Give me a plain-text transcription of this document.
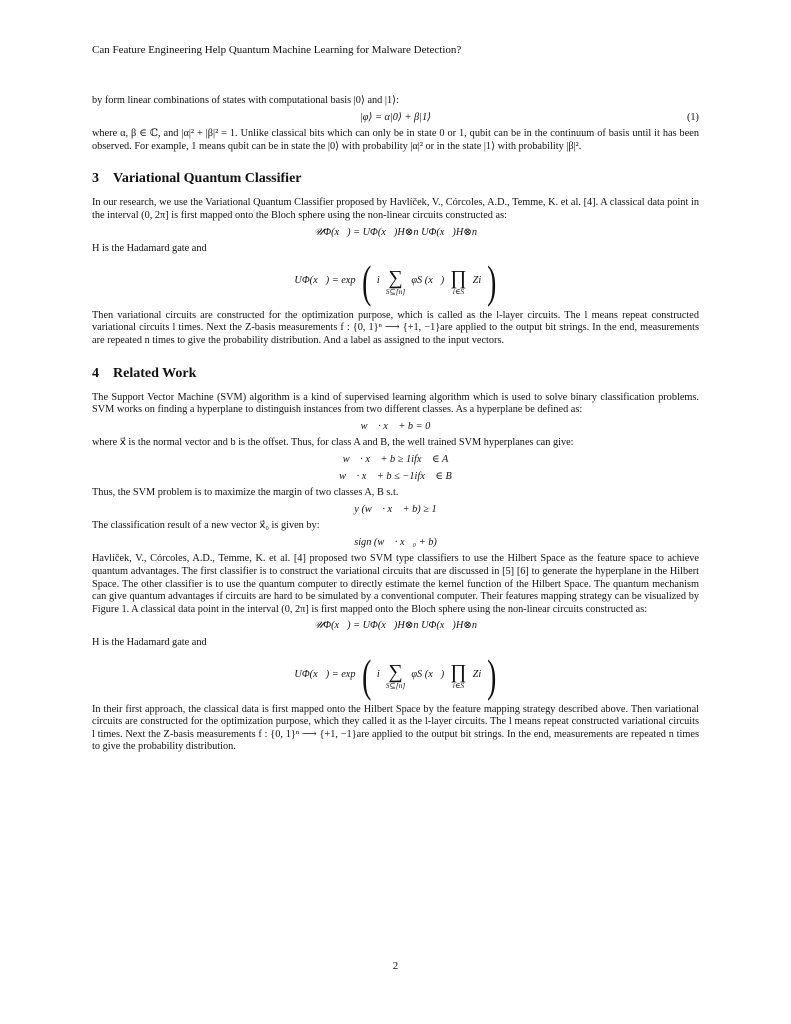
Can Feature Engineering Help Quantum Machine Learning for Malware Detection?

by form linear combinations of states with computational basis |0⟩ and |1⟩:

|φ⟩ = α|0⟩ + β|1⟩	(1)

where α, β ∈ ℂ, and |α|² + |β|² = 1. Unlike classical bits which can only be in state 0 or 1, qubit can be in the continuum of basis until it has been observed. For example, 1 means qubit can be in state the |0⟩ with probability |α|² or in the state |1⟩ with probability |β|².

3 Variational Quantum Classifier

In our research, we use the Variational Quantum Classifier proposed by Havlíček, V., Córcoles, A.D., Temme, K. et al. [4]. A classical data point in the interval (0, 2π] is first mapped onto the Bloch sphere using the non-linear circuits constructed as:

𝒰Φ(x⃗) = UΦ(x⃗)H⊗n UΦ(x⃗)H⊗n

H is the Hadamard gate and

UΦ(x⃗) = exp ( i ∑
S⊆[n]
φS (x⃗) ∏
i∈S
Zi )

Then variational circuits are constructed for the optimization purpose, which is called as the l-layer circuits. The l means repeat constructed variational circuits l times. Next the Z-basis measurements f : {0, 1}ⁿ ⟶ {+1, −1}are applied to the output bit strings. In the end, measurements are repeated n times to give the probability distribution. And a label as assigned to the input vectors.

4 Related Work

The Support Vector Machine (SVM) algorithm is a kind of supervised learning algorithm which is used to solve binary classification problems. SVM works on finding a hyperplane to distinguish instances from two different classes. As a hyperplane be defined as:

w⃗ · x⃗ + b = 0

where x⃗ is the normal vector and b is the offset. Thus, for class A and B, the well trained SVM hyperplanes can give:

w⃗ · x⃗ + b ≥ 1ifx⃗ ∈ A
w⃗ · x⃗ + b ≤ −1ifx⃗ ∈ B

Thus, the SVM problem is to maximize the margin of two classes A, B s.t.

y (w⃗ · x⃗ + b) ≥ 1

The classification result of a new vector x⃗₀ is given by:

sign (w⃗ · x⃗₀ + b)

Havlíček, V., Córcoles, A.D., Temme, K. et al. [4] proposed two SVM type classifiers to use the Hilbert Space as the feature space to achieve quantum advantages. The first classifier is to construct the variational circuits that are discussed in [5] [6] to generate the hyperplane in the Hilbert Space. The other classifier is to use the quantum computer to directly estimate the kernel function of the Hilbert Space. The quantum mechanism can give quantum advantages if circuits are hard to be simulated by a conventional computer. Their features mapping strategy can be visualized by Figure 1. A classical data point in the interval (0, 2π] is first mapped onto the Bloch sphere using the non-linear circuits constructed as:

𝒰Φ(x⃗) = UΦ(x⃗)H⊗n UΦ(x⃗)H⊗n

H is the Hadamard gate and

UΦ(x⃗) = exp ( i ∑
S⊆[n]
φS (x⃗) ∏
i∈S
Zi )

In their first approach, the classical data is first mapped onto the Hilbert Space by the feature mapping strategy described above. Then variational circuits are constructed for the optimization purpose, which they called it as the l-layer circuits. The l means repeat constructed variational circuits l times. Next the Z-basis measurements f : {0, 1}ⁿ ⟶ {+1, −1}are applied to the output bit strings. In the end, measurements are repeated n times to give the probability distribution.

2
